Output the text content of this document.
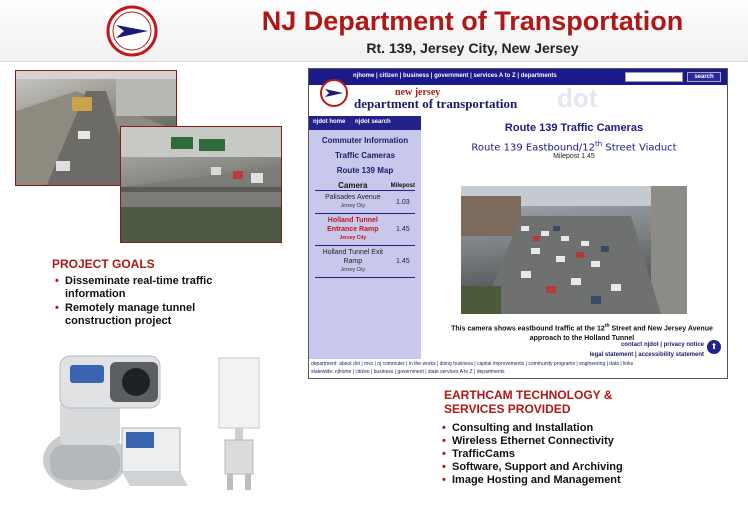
NJ Department of Transportation
Rt. 139, Jersey City, New Jersey
PROJECT GOALS
• Disseminate real-time traffic information
• Remotely manage tunnel construction project
njhome | citizen | business | government | services A to Z | departments	search
dot
new jersey
department of transportation
njdot home njdot search
Commuter Information
Traffic Cameras
Route 139 Map
Camera	Milepost
Palisades Avenue
Jersey City	1.03
Holland Tunnel Entrance Ramp
Jersey City	1.45
Holland Tunnel Exit Ramp
Jersey City	1.45
Route 139 Traffic Cameras
Route 139 Eastbound/12th Street Viaduct
Milepost 1.45
This camera shows eastbound traffic at the 12th Street and New Jersey Avenue approach to the Holland Tunnel
contact njdot | privacy notice
legal statement | accessibility statement
⬆
department: about dot | mvc | nj commuter | in the works | doing business | capital improvements | community programs | engineering | data | links
statewide: njhome | citizen | business | government | state services A to Z | departments
EARTHCAM TECHNOLOGY &
SERVICES PROVIDED
• Consulting and Installation
• Wireless Ethernet Connectivity
• TrafficCams
• Software, Support and Archiving
• Image Hosting and Management
